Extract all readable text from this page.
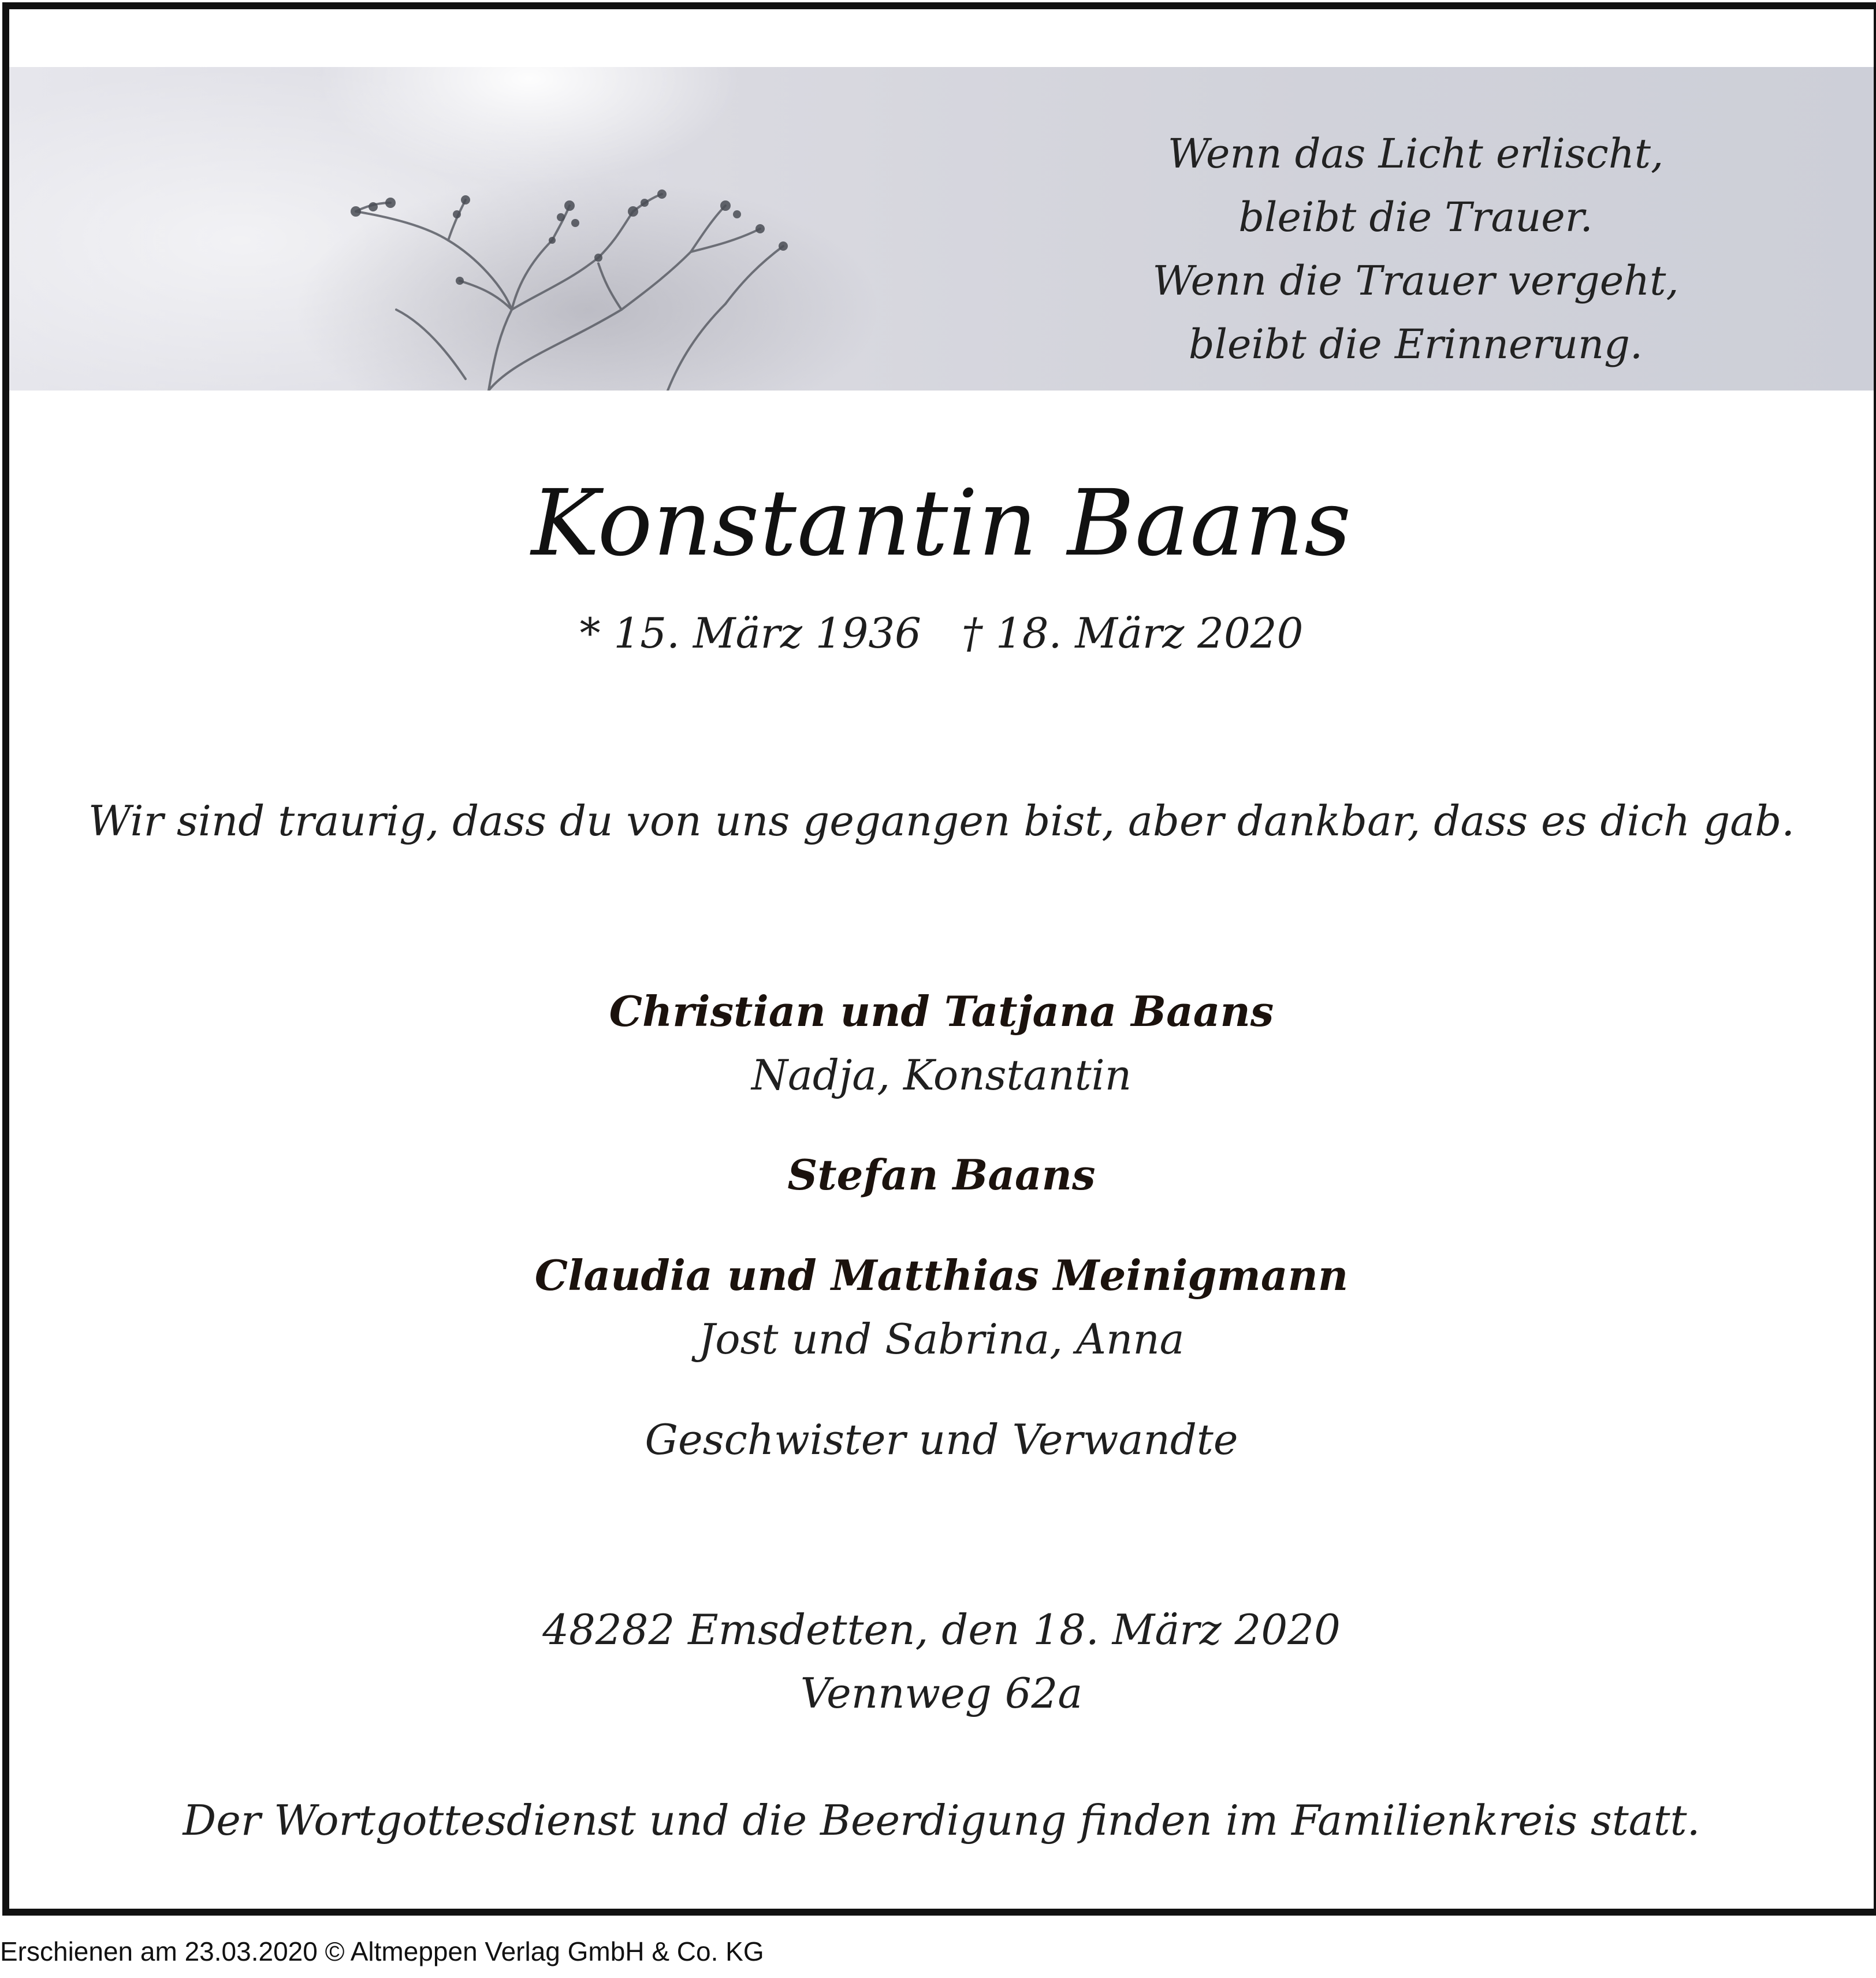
Wenn das Licht erlischt,
bleibt die Trauer.
Wenn die Trauer vergeht,
bleibt die Erinnerung.
Konstantin Baans
* 15. März 1936 † 18. März 2020
Wir sind traurig, dass du von uns gegangen bist, aber dankbar, dass es dich gab.
Christian und Tatjana Baans
Nadja, Konstantin
Stefan Baans
Claudia und Matthias Meinigmann
Jost und Sabrina, Anna
Geschwister und Verwandte
48282 Emsdetten, den 18. März 2020
Vennweg 62a
Der Wortgottesdienst und die Beerdigung finden im Familienkreis statt.
Erschienen am 23.03.2020 © Altmeppen Verlag GmbH & Co. KG
